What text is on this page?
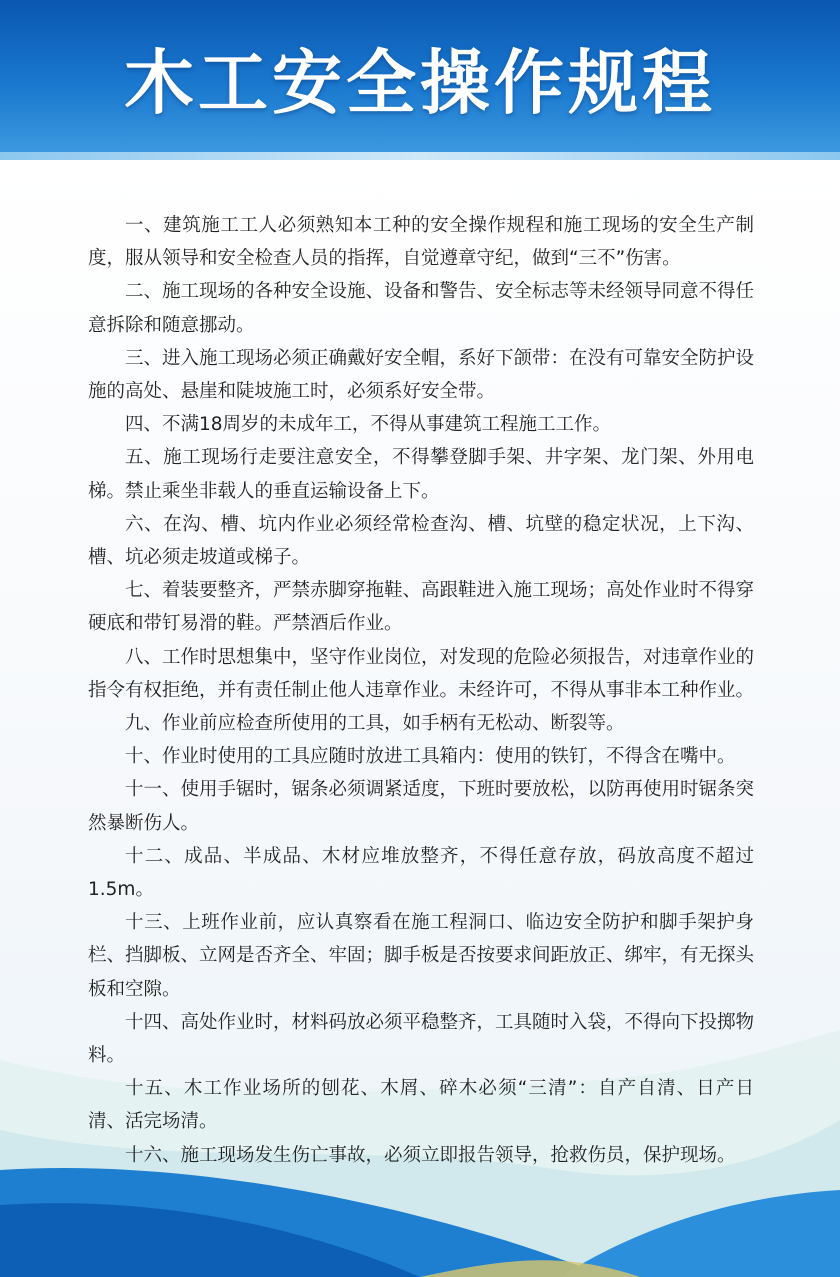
木工安全操作规程

一、建筑施工工人必须熟知本工种的安全操作规程和施工现场的安全生产制度，服从领导和安全检查人员的指挥，自觉遵章守纪，做到“三不”伤害。

二、施工现场的各种安全设施、设备和警告、安全标志等未经领导同意不得任意拆除和随意挪动。

三、进入施工现场必须正确戴好安全帽，系好下颌带：在没有可靠安全防护设施的高处、悬崖和陡坡施工时，必须系好安全带。

四、不满18周岁的未成年工，不得从事建筑工程施工工作。

五、施工现场行走要注意安全，不得攀登脚手架、井字架、龙门架、外用电梯。禁止乘坐非载人的垂直运输设备上下。

六、在沟、槽、坑内作业必须经常检查沟、槽、坑壁的稳定状况，上下沟、槽、坑必须走坡道或梯子。

七、着装要整齐，严禁赤脚穿拖鞋、高跟鞋进入施工现场；高处作业时不得穿硬底和带钉易滑的鞋。严禁酒后作业。

八、工作时思想集中，坚守作业岗位，对发现的危险必须报告，对违章作业的指令有权拒绝，并有责任制止他人违章作业。未经许可，不得从事非本工种作业。

九、作业前应检查所使用的工具，如手柄有无松动、断裂等。

十、作业时使用的工具应随时放进工具箱内：使用的铁钉，不得含在嘴中。

十一、使用手锯时，锯条必须调紧适度，下班时要放松，以防再使用时锯条突然暴断伤人。

十二、成品、半成品、木材应堆放整齐，不得任意存放，码放高度不超过1.5m。

十三、上班作业前，应认真察看在施工程洞口、临边安全防护和脚手架护身栏、挡脚板、立网是否齐全、牢固；脚手板是否按要求间距放正、绑牢，有无探头板和空隙。

十四、高处作业时，材料码放必须平稳整齐，工具随时入袋，不得向下投掷物料。

十五、木工作业场所的刨花、木屑、碎木必须“三清”：自产自清、日产日清、活完场清。

十六、施工现场发生伤亡事故，必须立即报告领导，抢救伤员，保护现场。
